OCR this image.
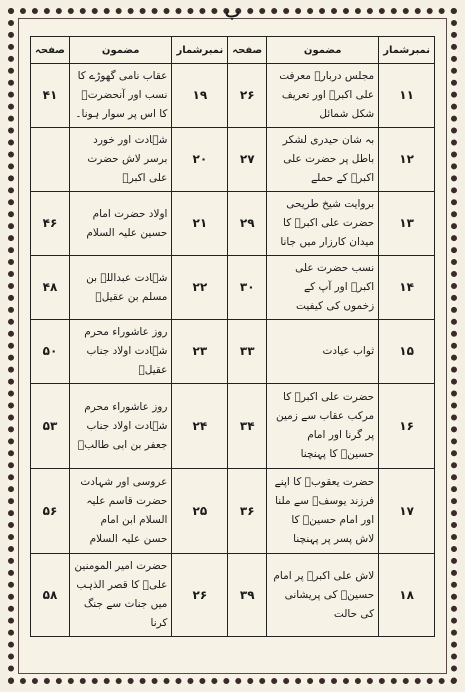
ب
نمبرشمار	مضمون	صفحہ	نمبرشمار	مضمون	صفحہ
۱۱	مجلس دربارۂ معرفت علی اکبرؑ اور تعریف شکل شمائل	۲۶	۱۹	عقاب نامی گھوڑے کا نسب اور آنحضرتؐ کا اس پر سوار ہونا۔	۴۱
۱۲	بہ شان حیدری لشکر باطل پر حضرت علی اکبرؑ کے حملے	۲۷	۲۰	شہادت اور خورد برسر لاش حضرت علی اکبرؑ	
۱۳	بروایت شیخ طریحی حضرت علی اکبرؑ کا میدان کارزار میں جانا	۲۹	۲۱	اولاد حضرت امام حسین علیہ السلام	۴۶
۱۴	نسب حضرت علی اکبرؑ اور آپ کے زخموں کی کیفیت	۳۰	۲۲	شہادت عبداللہ بن مسلم بن عقیلؑ	۴۸
۱۵	ثواب عیادت	۳۳	۲۳	روز عاشوراء محرم شہادت اولاد جناب عقیلؑ	۵۰
۱۶	حضرت علی اکبرؑ کا مرکب عقاب سے زمین پر گرنا اور امام حسینؑ کا پہنچنا	۳۴	۲۴	روز عاشوراء محرم شہادت اولاد جناب جعفر بن ابی طالبؑ	۵۳
۱۷	حضرت یعقوبؑ کا اپنے فرزند یوسفؑ سے ملنا اور امام حسینؑ کا لاش پسر پر پہنچنا	۳۶	۲۵	عروسی اور شہادت حضرت قاسم علیہ السلام ابن امام حسن علیہ السلام	۵۶
۱۸	لاش علی اکبرؑ پر امام حسینؑ کی پریشانی کی حالت	۳۹	۲۶	حضرت امیر المومنین علیؑ کا قصر الذہب میں جنات سے جنگ کرنا	۵۸
